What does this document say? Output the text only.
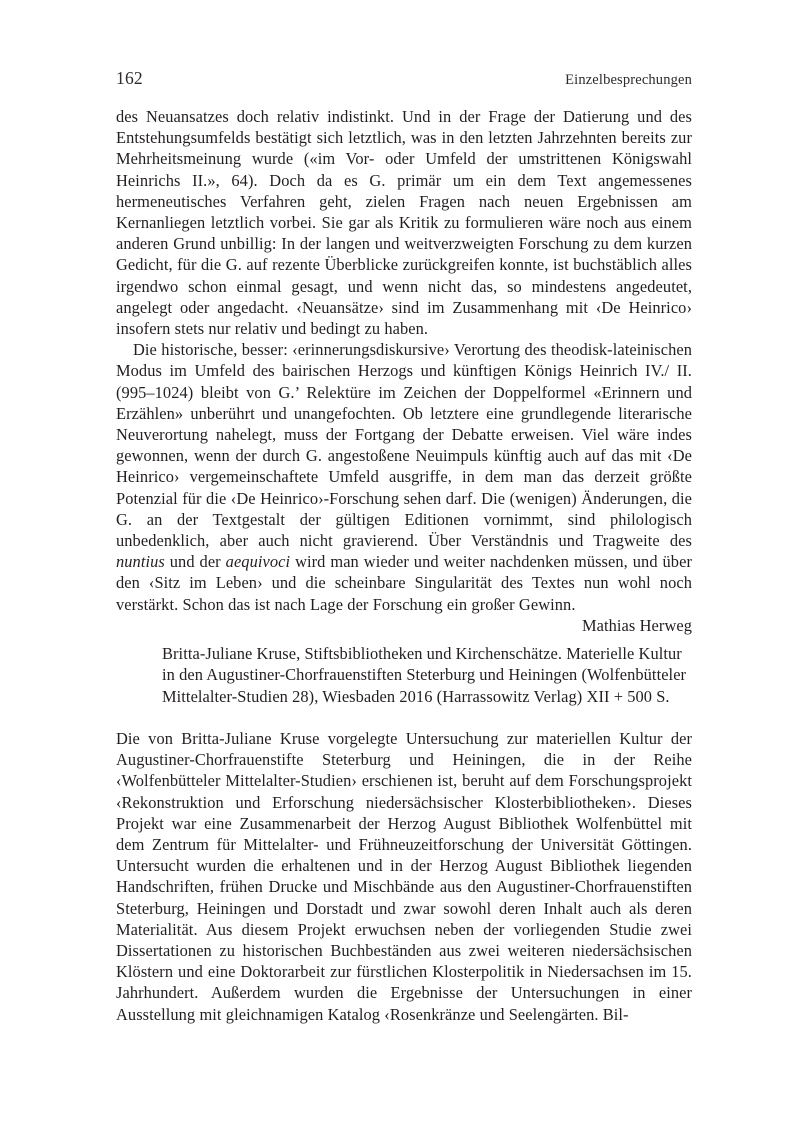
162	Einzelbesprechungen

des Neuansatzes doch relativ indistinkt. Und in der Frage der Datierung und des Entstehungsumfelds bestätigt sich letztlich, was in den letzten Jahrzehnten bereits zur Mehrheitsmeinung wurde («im Vor- oder Umfeld der umstrittenen Königswahl Heinrichs II.», 64). Doch da es G. primär um ein dem Text angemessenes hermeneutisches Verfahren geht, zielen Fragen nach neuen Ergebnissen am Kernanliegen letztlich vorbei. Sie gar als Kritik zu formulieren wäre noch aus einem anderen Grund unbillig: In der langen und weitverzweigten Forschung zu dem kurzen Gedicht, für die G. auf rezente Überblicke zurückgreifen konnte, ist buchstäblich alles irgendwo schon einmal gesagt, und wenn nicht das, so mindestens angedeutet, angelegt oder angedacht. ‹Neuansätze› sind im Zusammenhang mit ‹De Heinrico› insofern stets nur relativ und bedingt zu haben.

Die historische, besser: ‹erinnerungsdiskursive› Verortung des theodisk-lateinischen Modus im Umfeld des bairischen Herzogs und künftigen Königs Heinrich IV./ II. (995–1024) bleibt von G.’ Relektüre im Zeichen der Doppelformel «Erinnern und Erzählen» unberührt und unangefochten. Ob letztere eine grundlegende literarische Neuverortung nahelegt, muss der Fortgang der Debatte erweisen. Viel wäre indes gewonnen, wenn der durch G. angestoßene Neuimpuls künftig auch auf das mit ‹De Heinrico› vergemeinschaftete Umfeld ausgriffe, in dem man das derzeit größte Potenzial für die ‹De Heinrico›-Forschung sehen darf. Die (wenigen) Änderungen, die G. an der Textgestalt der gültigen Editionen vornimmt, sind philologisch unbedenklich, aber auch nicht gravierend. Über Verständnis und Tragweite des nuntius und der aequivoci wird man wieder und weiter nachdenken müssen, und über den ‹Sitz im Leben› und die scheinbare Singularität des Textes nun wohl noch verstärkt. Schon das ist nach Lage der Forschung ein großer Gewinn.
Mathias Herweg

Britta-Juliane Kruse, Stiftsbibliotheken und Kirchenschätze. Materielle Kultur in den Augustiner-Chorfrauenstiften Steterburg und Heiningen (Wolfenbütteler Mittelalter-Studien 28), Wiesbaden 2016 (Harrassowitz Verlag) XII + 500 S.

Die von Britta-Juliane Kruse vorgelegte Untersuchung zur materiellen Kultur der Augustiner-Chorfrauenstifte Steterburg und Heiningen, die in der Reihe ‹Wolfenbütteler Mittelalter-Studien› erschienen ist, beruht auf dem Forschungsprojekt ‹Rekonstruktion und Erforschung niedersächsischer Klosterbibliotheken›. Dieses Projekt war eine Zusammenarbeit der Herzog August Bibliothek Wolfenbüttel mit dem Zentrum für Mittelalter- und Frühneuzeitforschung der Universität Göttingen. Untersucht wurden die erhaltenen und in der Herzog August Bibliothek liegenden Handschriften, frühen Drucke und Mischbände aus den Augustiner-Chorfrauenstiften Steterburg, Heiningen und Dorstadt und zwar sowohl deren Inhalt auch als deren Materialität. Aus diesem Projekt erwuchsen neben der vorliegenden Studie zwei Dissertationen zu historischen Buchbeständen aus zwei weiteren niedersächsischen Klöstern und eine Doktorarbeit zur fürstlichen Klosterpolitik in Niedersachsen im 15. Jahrhundert. Außerdem wurden die Ergebnisse der Untersuchungen in einer Ausstellung mit gleichnamigen Katalog ‹Rosenkränze und Seelengärten. Bil-
